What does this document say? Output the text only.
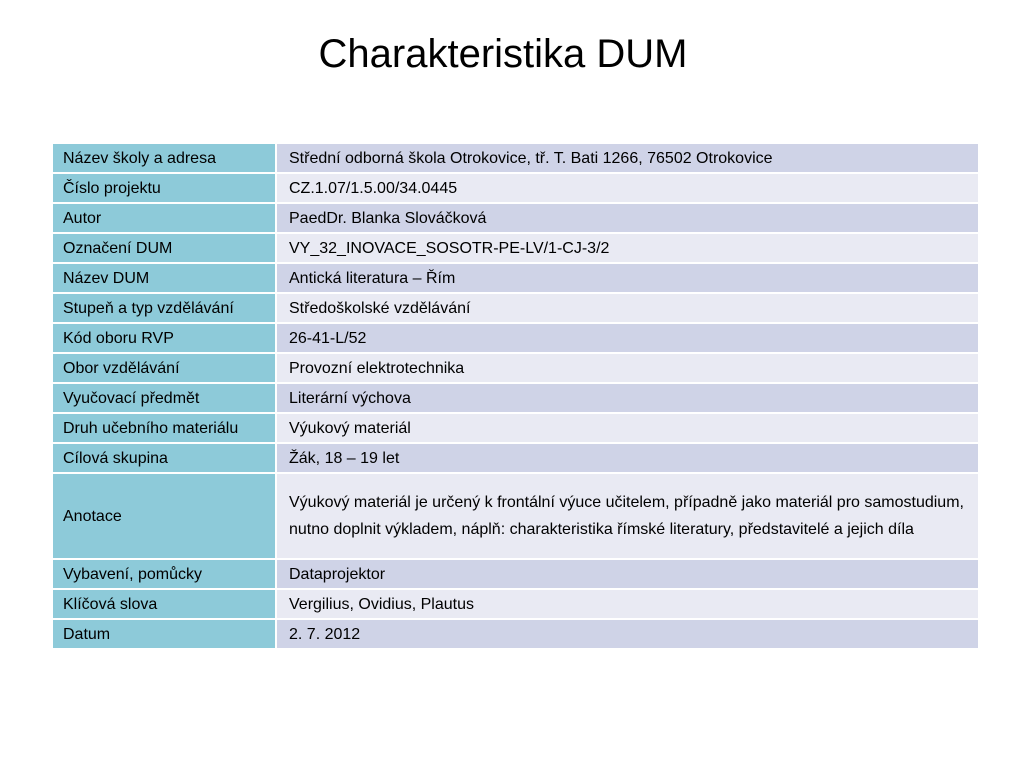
Charakteristika DUM
Název školy a adresa	Střední odborná škola Otrokovice, tř. T. Bati 1266, 76502 Otrokovice
Číslo projektu	CZ.1.07/1.5.00/34.0445
Autor	PaedDr. Blanka Slováčková
Označení DUM	VY_32_INOVACE_SOSOTR-PE-LV/1-CJ-3/2
Název DUM	Antická literatura – Řím
Stupeň a typ vzdělávání	Středoškolské vzdělávání
Kód oboru RVP	26-41-L/52
Obor vzdělávání	Provozní elektrotechnika
Vyučovací předmět	Literární výchova
Druh učebního materiálu	Výukový materiál
Cílová skupina	Žák, 18 – 19 let
Anotace	Výukový materiál je určený k frontální výuce učitelem, případně jako materiál pro samostudium, nutno doplnit výkladem, náplň: charakteristika římské literatury, představitelé a jejich díla
Vybavení, pomůcky	Dataprojektor
Klíčová slova	Vergilius, Ovidius, Plautus
Datum	2. 7. 2012
